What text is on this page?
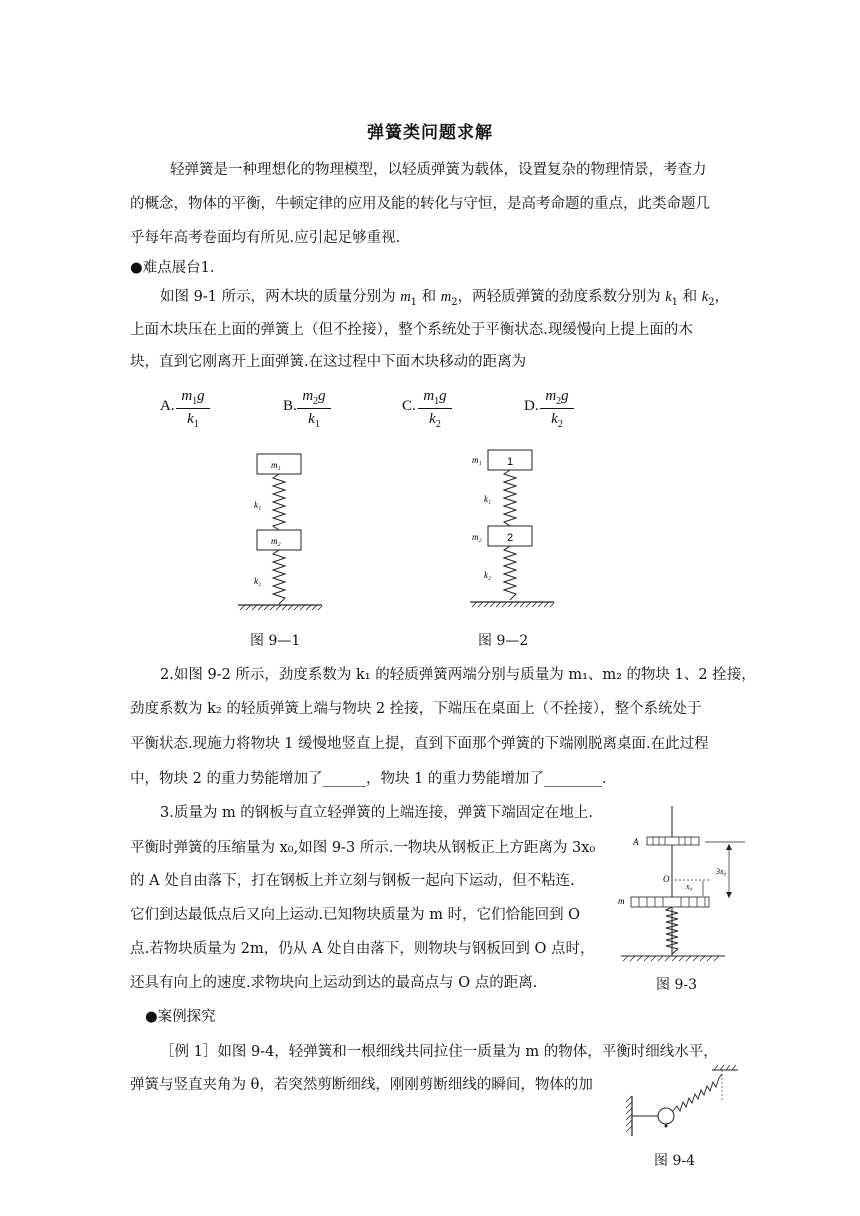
弹簧类问题求解
轻弹簧是一种理想化的物理模型，以轻质弹簧为载体，设置复杂的物理情景，考查力
的概念，物体的平衡，牛顿定律的应用及能的转化与守恒，是高考命题的重点，此类命题几
乎每年高考卷面均有所见.应引起足够重视.
●难点展台1.
如图 9-1 所示，两木块的质量分别为 $m_1$ 和 $m_2$，两轻质弹簧的劲度系数分别为 $k_1$ 和 $k_2$，
上面木块压在上面的弹簧上（但不拴接），整个系统处于平衡状态.现缓慢向上提上面的木
块，直到它刚离开上面弹簧.在这过程中下面木块移动的距离为
A. $\frac{m_1g}{k_1}$	B. $\frac{m_2g}{k_1}$	C. $\frac{m_1g}{k_2}$	D. $\frac{m_2g}{k_2}$
m₁
k₁
m₂
k₂
图 9—1
1
m₁
k₁
2
m₂
k₂
图 9—2
2.如图 9-2 所示，劲度系数为 k₁ 的轻质弹簧两端分别与质量为 m₁、m₂ 的物块 1、2 拴接，
劲度系数为 k₂ 的轻质弹簧上端与物块 2 拴接，下端压在桌面上（不拴接），整个系统处于
平衡状态.现施力将物块 1 缓慢地竖直上提，直到下面那个弹簧的下端刚脱离桌面.在此过程
中，物块 2 的重力势能增加了______，物块 1 的重力势能增加了________.
3.质量为 m 的钢板与直立轻弹簧的上端连接，弹簧下端固定在地上.
平衡时弹簧的压缩量为 x₀,如图 9-3 所示.一物块从钢板正上方距离为 3x₀
的 A 处自由落下，打在钢板上并立刻与钢板一起向下运动，但不粘连.
它们到达最低点后又向上运动.已知物块质量为 m 时，它们恰能回到 O
点.若物块质量为 2m，仍从 A 处自由落下，则物块与钢板回到 O 点时，
还具有向上的速度.求物块向上运动到达的最高点与 O 点的距离.
A
O
x₀
3x₀
m
图 9-3
●案例探究
［例 1］如图 9-4，轻弹簧和一根细线共同拉住一质量为 m 的物体，平衡时细线水平，
弹簧与竖直夹角为 θ，若突然剪断细线，刚刚剪断细线的瞬间，物体的加
图 9-4
